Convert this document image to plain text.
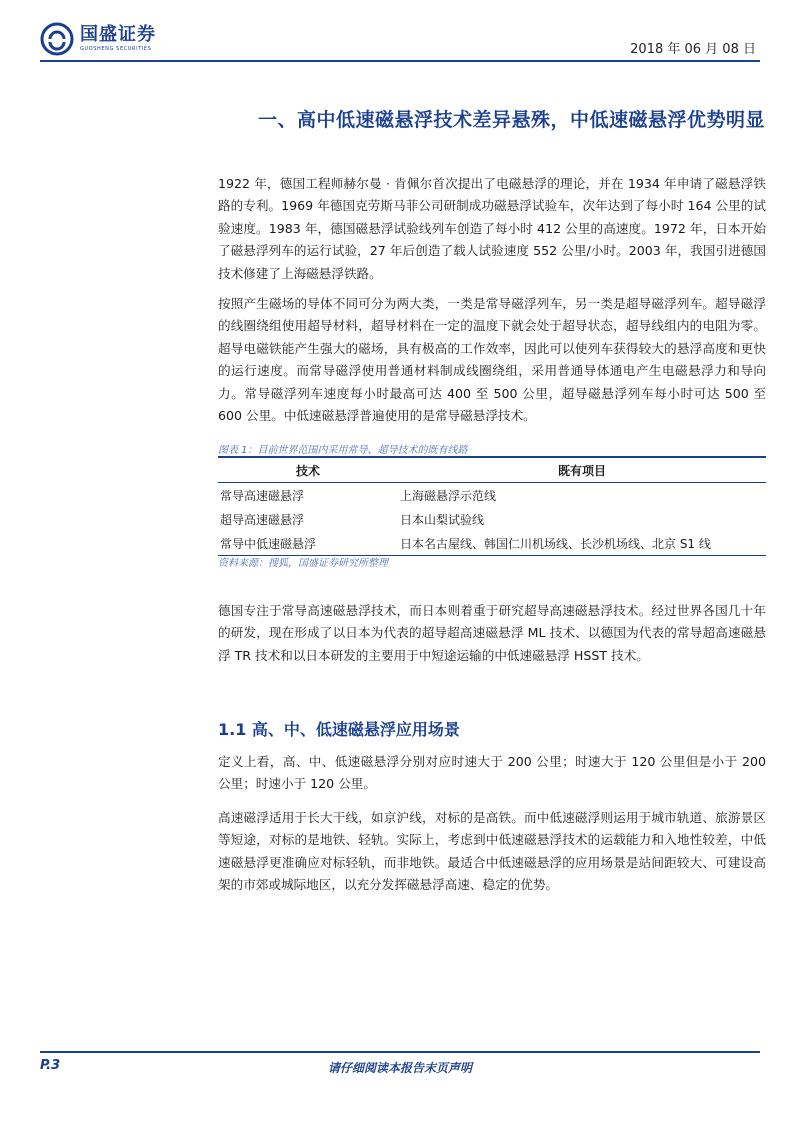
国盛证券
GUOSHENG SECURITIES	2018 年 06 月 08 日
一、高中低速磁悬浮技术差异悬殊，中低速磁悬浮优势明显

1922 年，德国工程师赫尔曼 · 肯佩尔首次提出了电磁悬浮的理论，并在 1934 年申请了磁悬浮铁路的专利。1969 年德国克劳斯马菲公司研制成功磁悬浮试验车，次年达到了每小时 164 公里的试验速度。1983 年，德国磁悬浮试验线列车创造了每小时 412 公里的高速度。1972 年，日本开始了磁悬浮列车的运行试验，27 年后创造了载人试验速度 552 公里/小时。2003 年，我国引进德国技术修建了上海磁悬浮铁路。

按照产生磁场的导体不同可分为两大类，一类是常导磁浮列车，另一类是超导磁浮列车。超导磁浮的线圈绕组使用超导材料，超导材料在一定的温度下就会处于超导状态，超导线组内的电阻为零。超导电磁铁能产生强大的磁场，具有极高的工作效率，因此可以使列车获得较大的悬浮高度和更快的运行速度。而常导磁浮使用普通材料制成线圈绕组，采用普通导体通电产生电磁悬浮力和导向力。常导磁浮列车速度每小时最高可达 400 至 500 公里，超导磁悬浮列车每小时可达 500 至 600 公里。中低速磁悬浮普遍使用的是常导磁悬浮技术。

图表 1：目前世界范围内采用常导、超导技术的既有线路
技术	既有项目
常导高速磁悬浮	上海磁悬浮示范线
超导高速磁悬浮	日本山梨试验线
常导中低速磁悬浮	日本名古屋线、韩国仁川机场线、长沙机场线、北京 S1 线
资料来源：搜狐，国盛证券研究所整理

德国专注于常导高速磁悬浮技术，而日本则着重于研究超导高速磁悬浮技术。经过世界各国几十年的研发，现在形成了以日本为代表的超导超高速磁悬浮 ML 技术、以德国为代表的常导超高速磁悬浮 TR 技术和以日本研发的主要用于中短途运输的中低速磁悬浮 HSST 技术。

1.1 高、中、低速磁悬浮应用场景

定义上看，高、中、低速磁悬浮分别对应时速大于 200 公里；时速大于 120 公里但是小于 200 公里；时速小于 120 公里。

高速磁浮适用于长大干线，如京沪线，对标的是高铁。而中低速磁浮则运用于城市轨道、旅游景区等短途，对标的是地铁、轻轨。实际上，考虑到中低速磁悬浮技术的运载能力和入地性较差，中低速磁悬浮更准确应对标轻轨，而非地铁。最适合中低速磁悬浮的应用场景是站间距较大、可建设高架的市郊或城际地区，以充分发挥磁悬浮高速、稳定的优势。

P.3	请仔细阅读本报告末页声明
